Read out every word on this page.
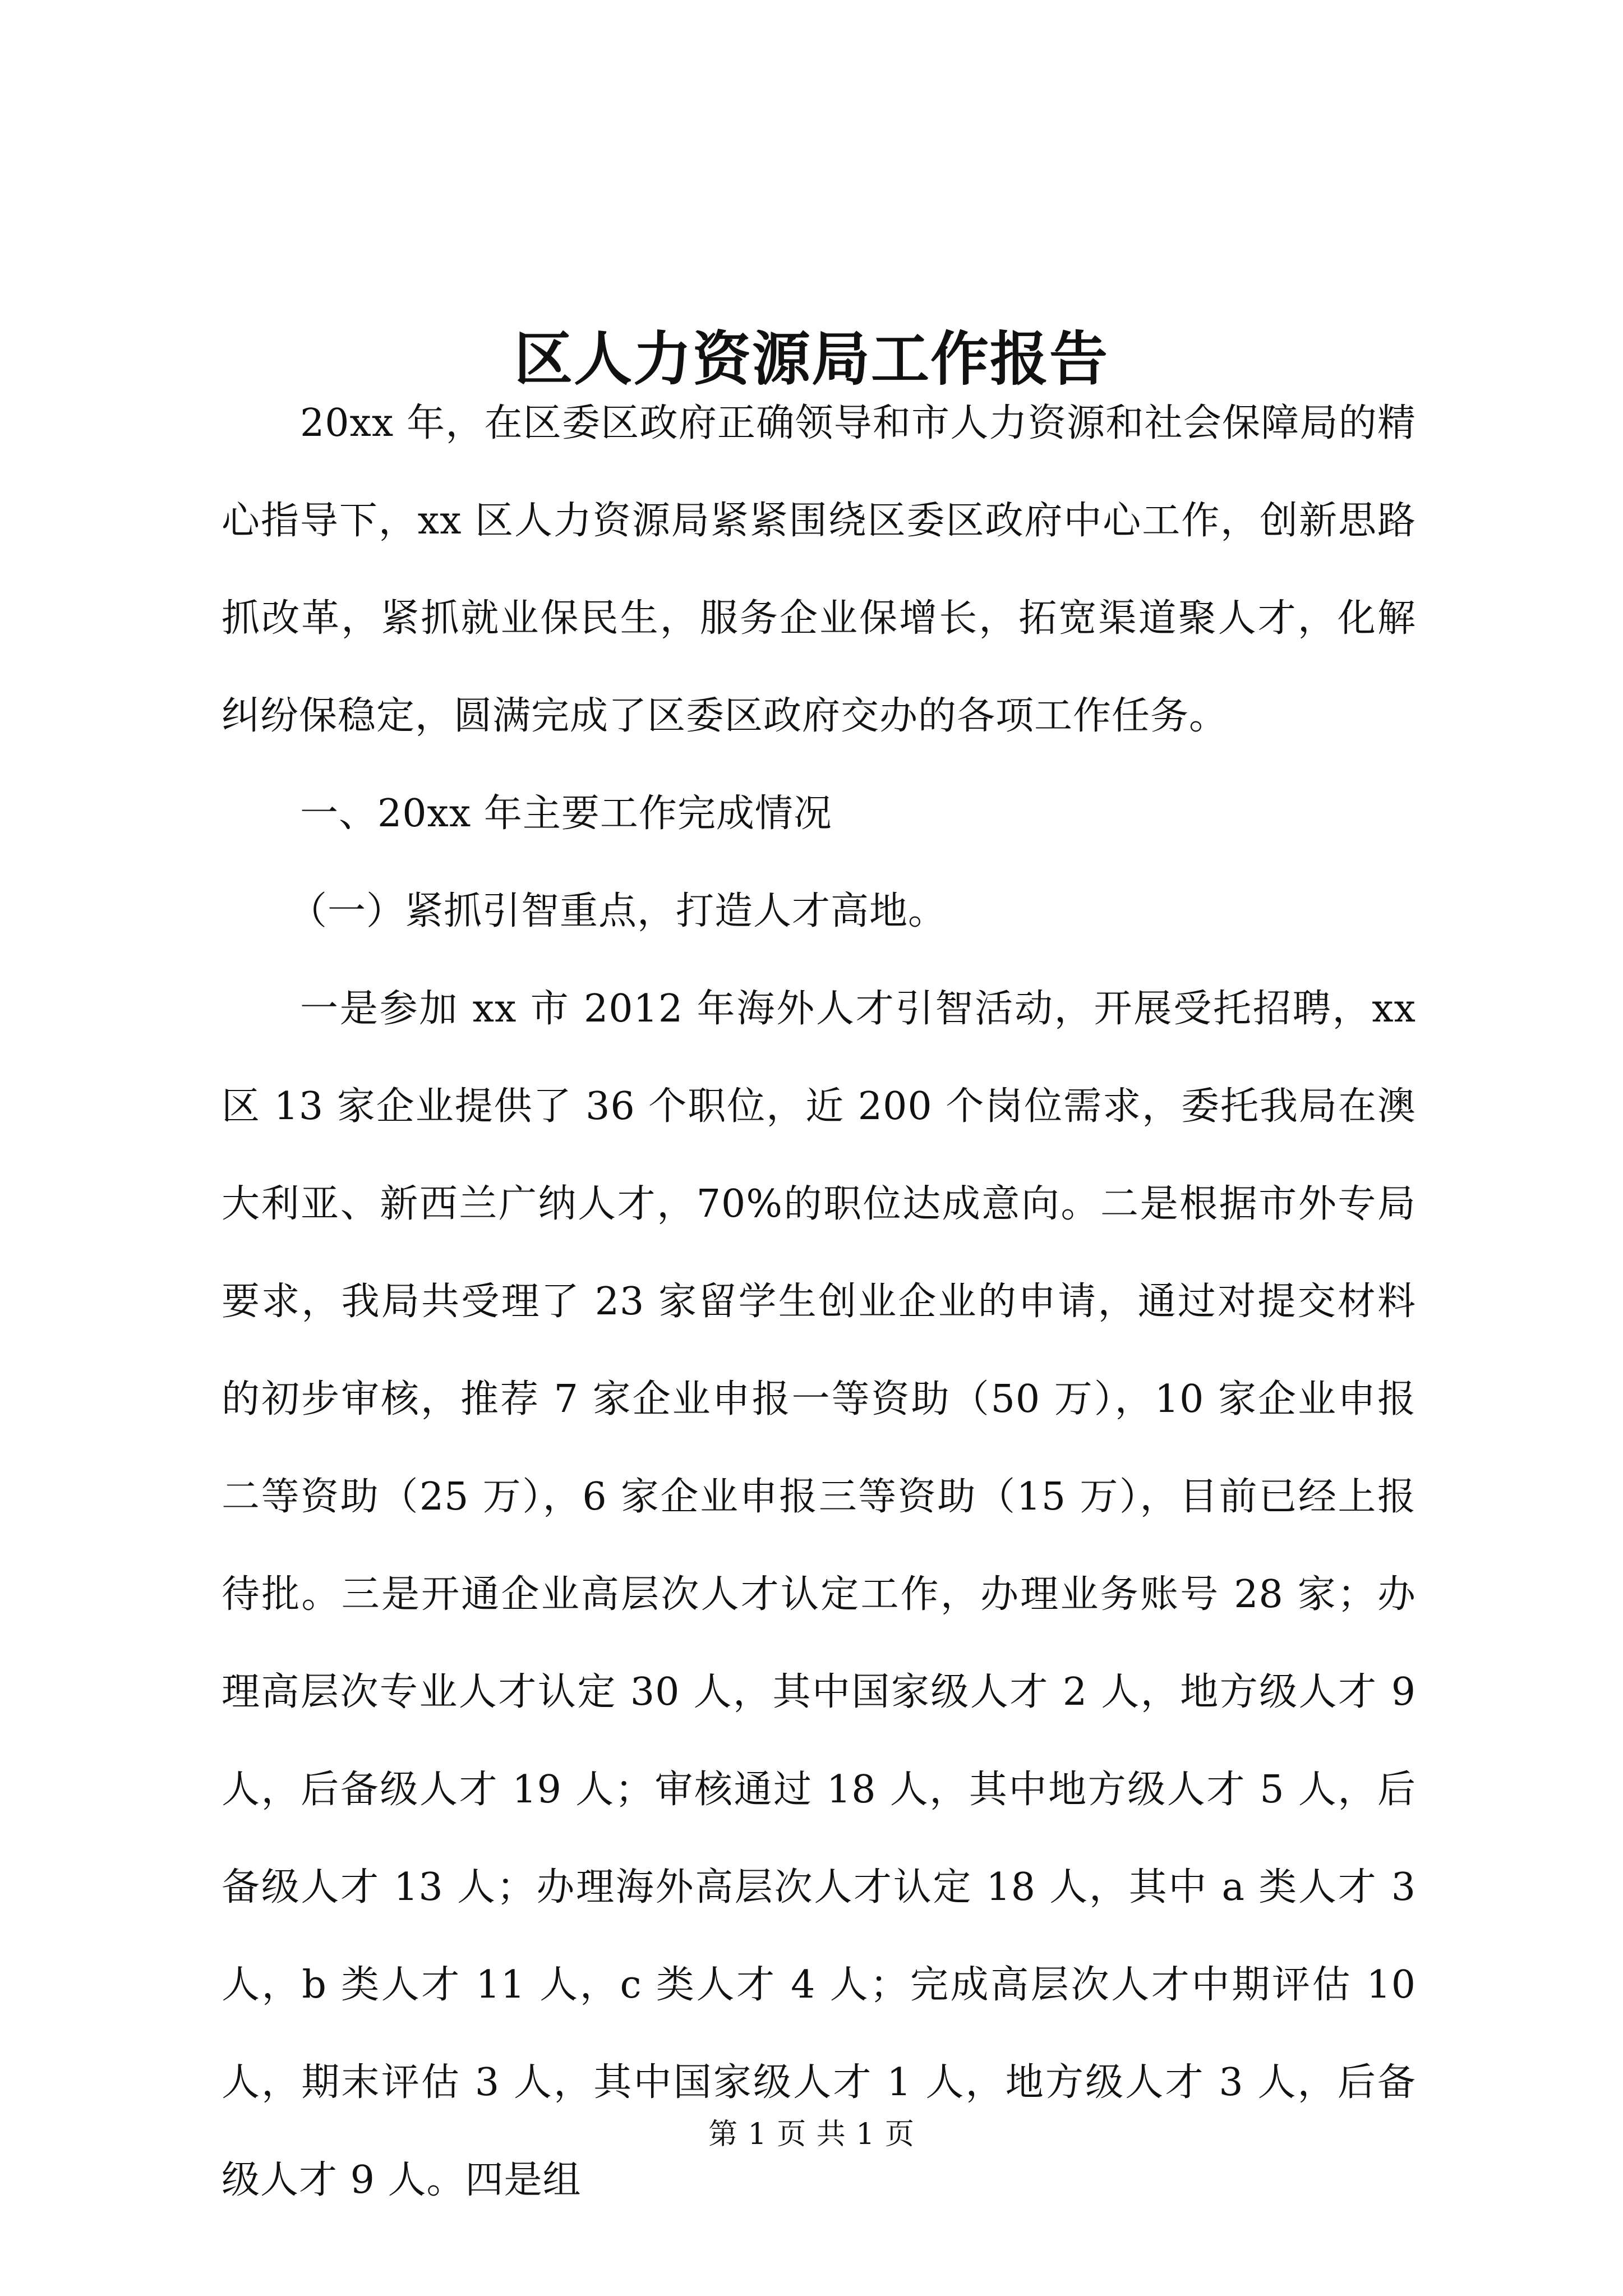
区人力资源局工作报告

20xx 年，在区委区政府正确领导和市人力资源和社会保障局的精心指导下，xx 区人力资源局紧紧围绕区委区政府中心工作，创新思路抓改革，紧抓就业保民生，服务企业保增长，拓宽渠道聚人才，化解纠纷保稳定，圆满完成了区委区政府交办的各项工作任务。

一、20xx 年主要工作完成情况

（一）紧抓引智重点，打造人才高地。

一是参加 xx 市 2012 年海外人才引智活动，开展受托招聘，xx 区 13 家企业提供了 36 个职位，近 200 个岗位需求，委托我局在澳大利亚、新西兰广纳人才，70%的职位达成意向。二是根据市外专局要求，我局共受理了 23 家留学生创业企业的申请，通过对提交材料的初步审核，推荐 7 家企业申报一等资助（50 万），10 家企业申报二等资助（25 万），6 家企业申报三等资助（15 万），目前已经上报待批。三是开通企业高层次人才认定工作，办理业务账号 28 家；办理高层次专业人才认定 30 人，其中国家级人才 2 人，地方级人才 9 人，后备级人才 19 人；审核通过 18 人，其中地方级人才 5 人，后备级人才 13 人；办理海外高层次人才认定 18 人，其中 a 类人才 3 人，b 类人才 11 人，c 类人才 4 人；完成高层次人才中期评估 10 人，期末评估 3 人，其中国家级人才 1 人，地方级人才 3 人，后备级人才 9 人。四是组

第 1 页 共 1 页
